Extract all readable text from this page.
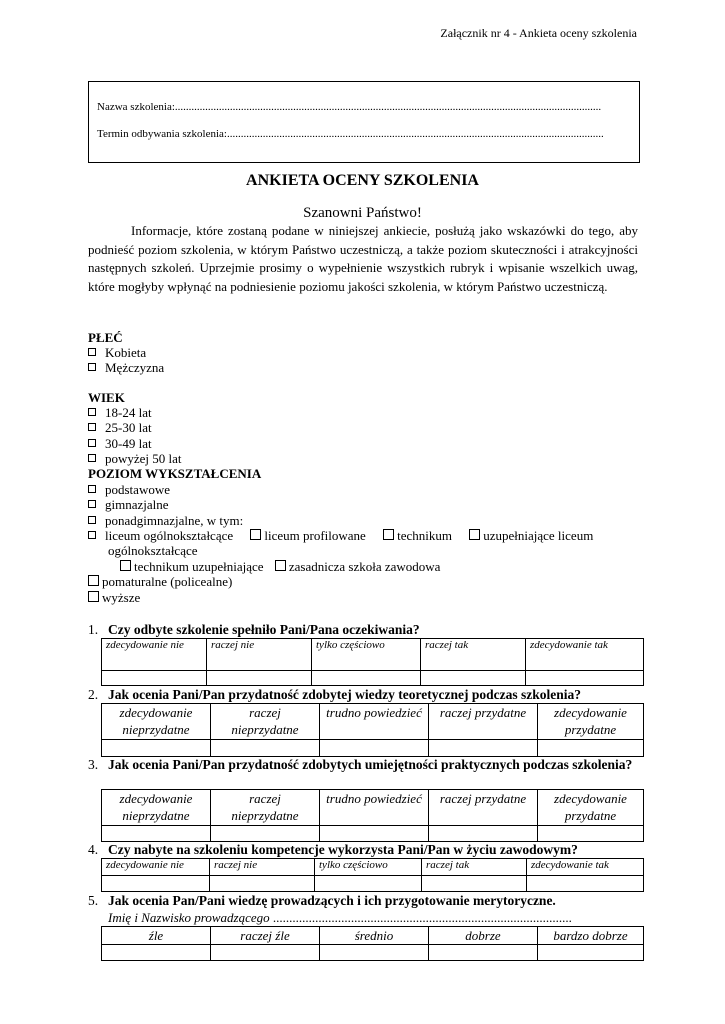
Załącznik nr 4 - Ankieta oceny szkolenia
Nazwa szkolenia:...........................................................................................................................................................
Termin odbywania szkolenia:.........................................................................................................................................
ANKIETA OCENY SZKOLENIA
Szanowni Państwo!
Informacje, które zostaną podane w niniejszej ankiecie, posłużą jako wskazówki do tego, aby podnieść poziom szkolenia, w którym Państwo uczestniczą, a także poziom skuteczności i atrakcyjności następnych szkoleń. Uprzejmie prosimy o wypełnienie wszystkich rubryk i wpisanie wszelkich uwag, które mogłyby wpłynąć na podniesienie poziomu jakości szkolenia, w którym Państwo uczestniczą.
PŁEĆ
Kobieta
Mężczyzna
WIEK
18-24 lat
25-30 lat
30-49 lat
powyżej 50 lat
POZIOM WYKSZTAŁCENIA
podstawowe
gimnazjalne
ponadgimnazjalne, w tym:
liceum ogólnokształcące liceum profilowane technikum uzupełniające liceum
ogólnokształcące
technikum uzupełniające zasadnicza szkoła zawodowa
pomaturalne (policealne)
wyższe
1. Czy odbyte szkolenie spełniło Pani/Pana oczekiwania?
zdecydowanie nie	raczej nie	tylko częściowo	raczej tak	zdecydowanie tak

2. Jak ocenia Pani/Pan przydatność zdobytej wiedzy teoretycznej podczas szkolenia?
zdecydowanie nieprzydatne	raczej nieprzydatne	trudno powiedzieć	raczej przydatne	zdecydowanie przydatne

3. Jak ocenia Pani/Pan przydatność zdobytych umiejętności praktycznych podczas szkolenia?
zdecydowanie nieprzydatne	raczej nieprzydatne	trudno powiedzieć	raczej przydatne	zdecydowanie przydatne

4. Czy nabyte na szkoleniu kompetencje wykorzysta Pani/Pan w życiu zawodowym?
zdecydowanie nie	raczej nie	tylko częściowo	raczej tak	zdecydowanie tak

5. Jak ocenia Pan/Pani wiedzę prowadzących i ich przygotowanie merytoryczne.
Imię i Nazwisko prowadzącego ............................................................................................
źle	raczej źle	średnio	dobrze	bardzo dobrze
